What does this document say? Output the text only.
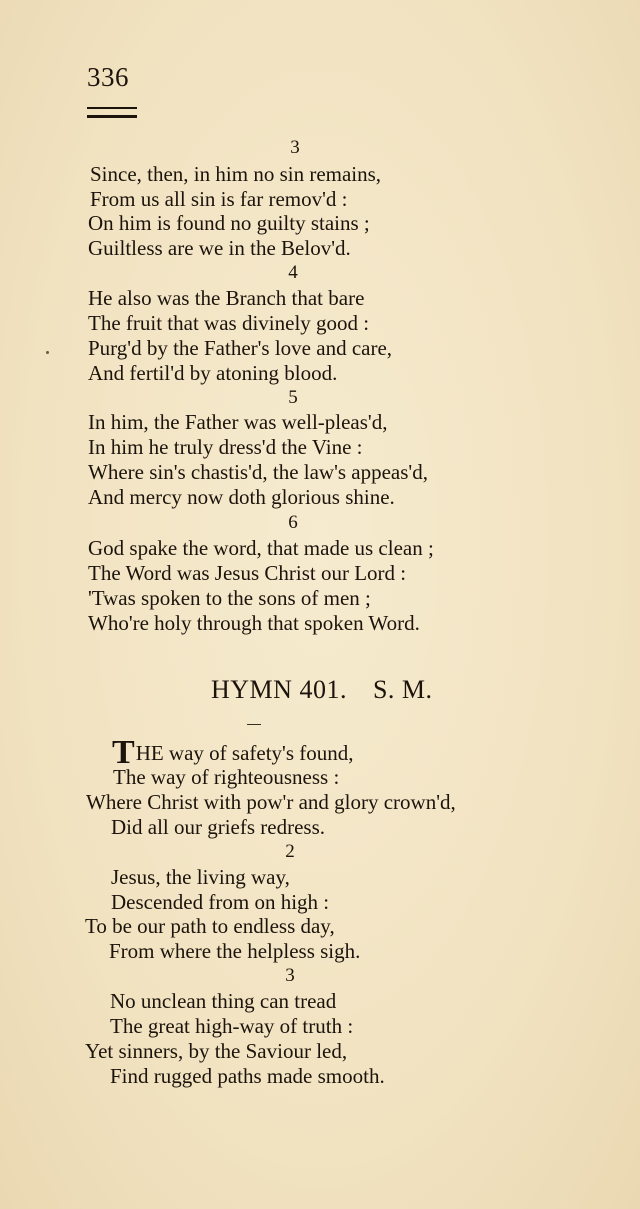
336
3
Since, then, in him no sin remains,
From us all sin is far remov'd :
On him is found no guilty stains ;
Guiltless are we in the Belov'd.
4
He also was the Branch that bare
The fruit that was divinely good :
Purg'd by the Father's love and care,
And fertil'd by atoning blood.
5
In him, the Father was well-pleas'd,
In him he truly dress'd the Vine :
Where sin's chastis'd, the law's appeas'd,
And mercy now doth glorious shine.
6
God spake the word, that made us clean ;
The Word was Jesus Christ our Lord :
'Twas spoken to the sons of men ;
Who're holy through that spoken Word.
HYMN 401. S. M.
THE way of safety's found,
The way of righteousness :
Where Christ with pow'r and glory crown'd,
Did all our griefs redress.
2
Jesus, the living way,
Descended from on high :
To be our path to endless day,
From where the helpless sigh.
3
No unclean thing can tread
The great high-way of truth :
Yet sinners, by the Saviour led,
Find rugged paths made smooth.
